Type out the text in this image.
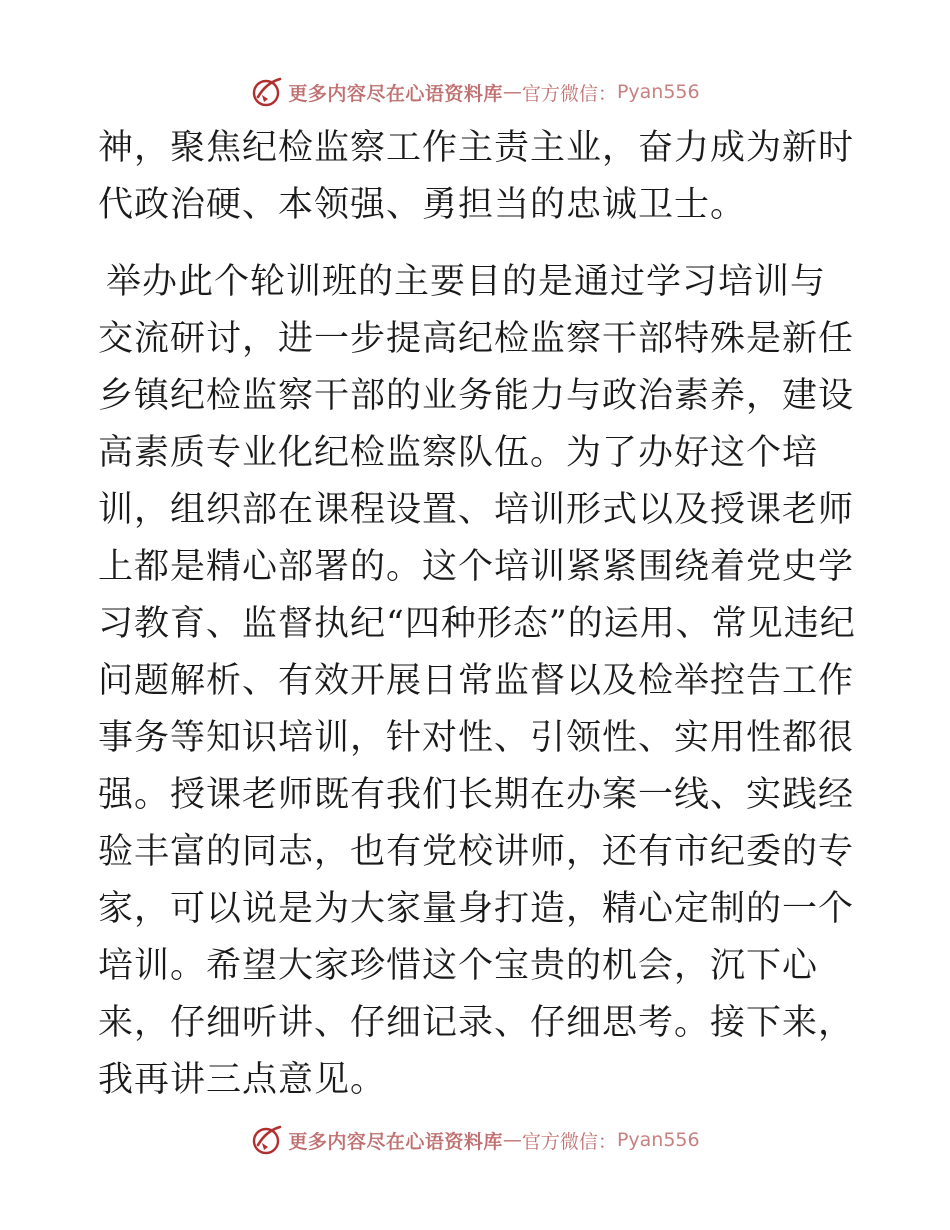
更多内容尽在心语资料库 — 官方微信： Pyan556

神，聚焦纪检监察工作主责主业，奋力成为新时代政治硬、本领强、勇担当的忠诚卫士。

举办此个轮训班的主要目的是通过学习培训与交流研讨，进一步提高纪检监察干部特殊是新任乡镇纪检监察干部的业务能力与政治素养，建设高素质专业化纪检监察队伍。为了办好这个培训，组织部在课程设置、培训形式以及授课老师上都是精心部署的。这个培训紧紧围绕着党史学习教育、监督执纪“四种形态”的运用、常见违纪问题解析、有效开展日常监督以及检举控告工作事务等知识培训，针对性、引领性、实用性都很强。授课老师既有我们长期在办案一线、实践经验丰富的同志，也有党校讲师，还有市纪委的专家，可以说是为大家量身打造，精心定制的一个培训。希望大家珍惜这个宝贵的机会，沉下心来，仔细听讲、仔细记录、仔细思考。接下来，我再讲三点意见。

更多内容尽在心语资料库 — 官方微信： Pyan556
